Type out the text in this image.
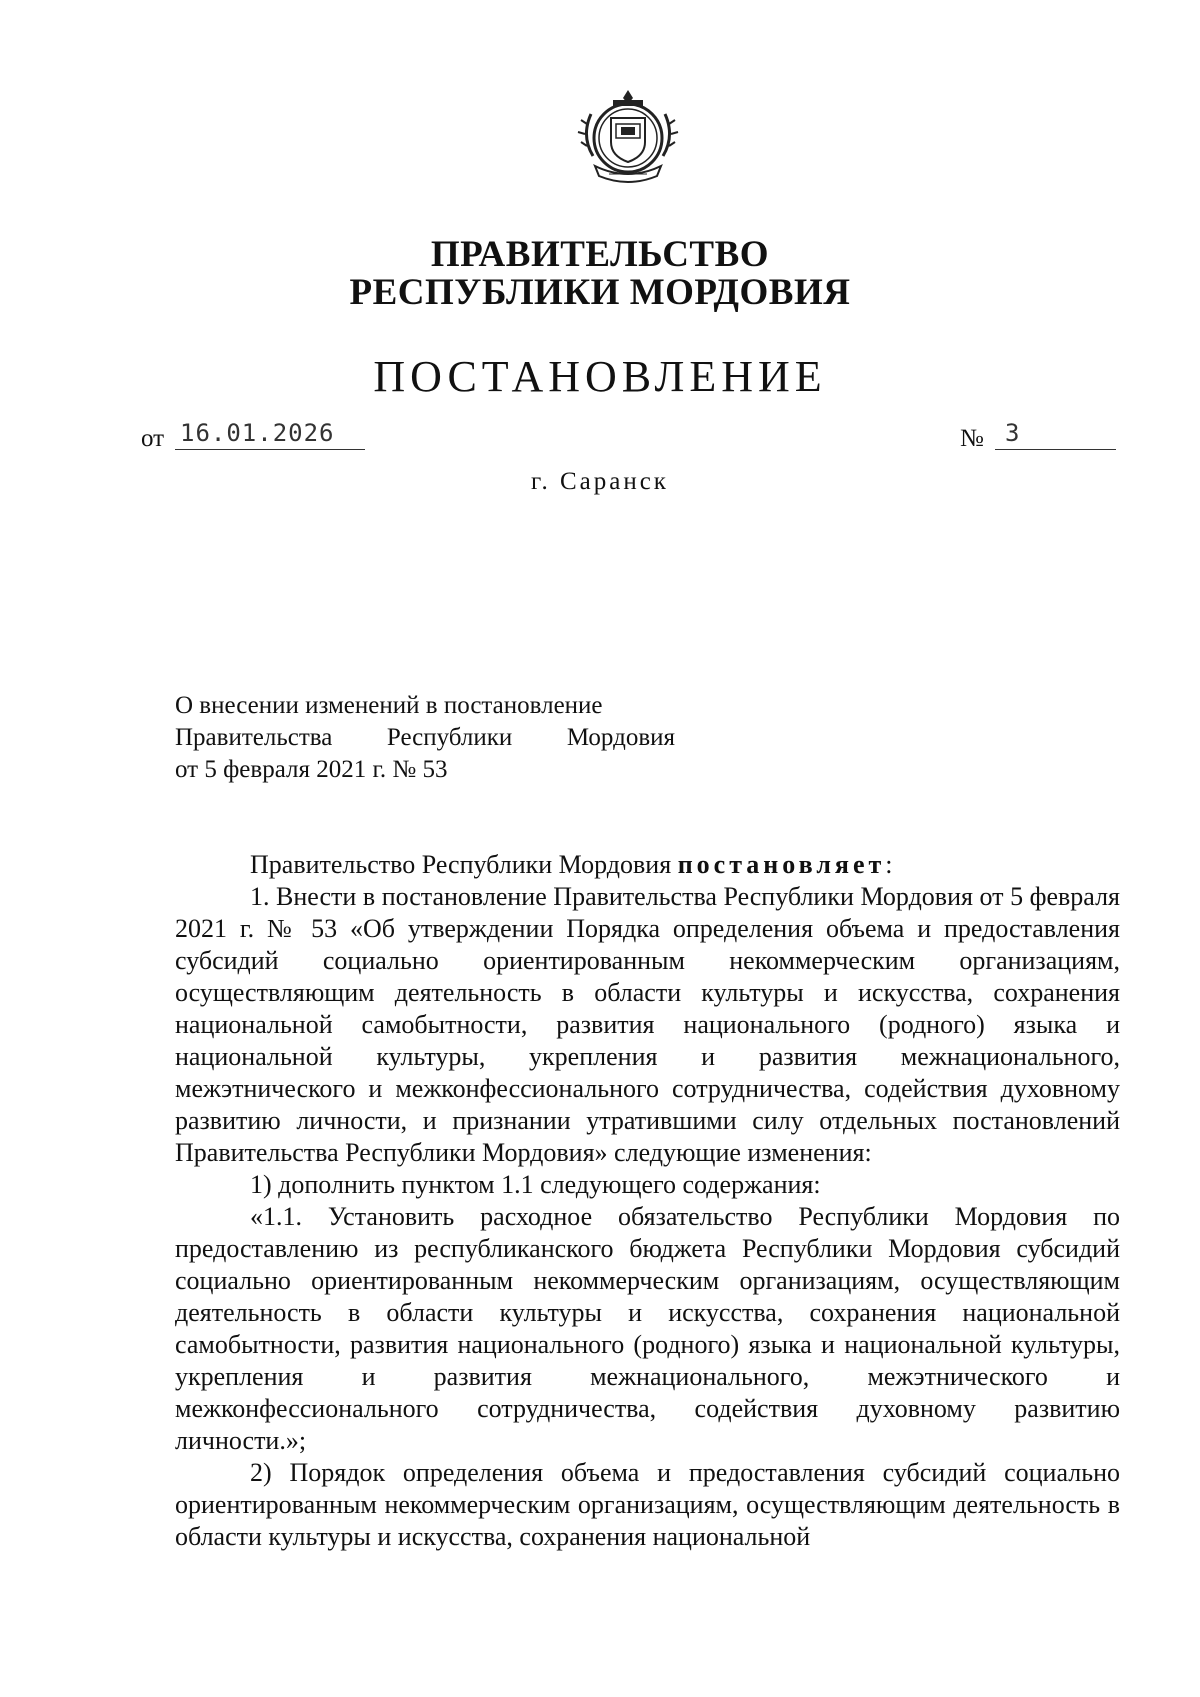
ПРАВИТЕЛЬСТВО
РЕСПУБЛИКИ МОРДОВИЯ
ПОСТАНОВЛЕНИЕ
от 16.01.2026	№ 3
г. Саранск
О внесении изменений в постановление
Правительства Республики Мордовия
от 5 февраля 2021 г. № 53

Правительство Республики Мордовия постановляет:

1. Внести в постановление Правительства Республики Мордовия от 5 февраля 2021 г. № 53 «Об утверждении Порядка определения объема и предоставления субсидий социально ориентированным некоммерческим организациям, осуществляющим деятельность в области культуры и искусства, сохранения национальной самобытности, развития национального (родного) языка и национальной культуры, укрепления и развития межнационального, межэтнического и межконфессионального сотрудничества, содействия духовному развитию личности, и признании утратившими силу отдельных постановлений Правительства Республики Мордовия» следующие изменения:

1) дополнить пунктом 1.1 следующего содержания:

«1.1. Установить расходное обязательство Республики Мордовия по предоставлению из республиканского бюджета Республики Мордовия субсидий социально ориентированным некоммерческим организациям, осуществляющим деятельность в области культуры и искусства, сохранения национальной самобытности, развития национального (родного) языка и национальной культуры, укрепления и развития межнационального, межэтнического и межконфессионального сотрудничества, содействия духовному развитию личности.»;

2) Порядок определения объема и предоставления субсидий социально ориентированным некоммерческим организациям, осуществляющим деятельность в области культуры и искусства, сохранения национальной
